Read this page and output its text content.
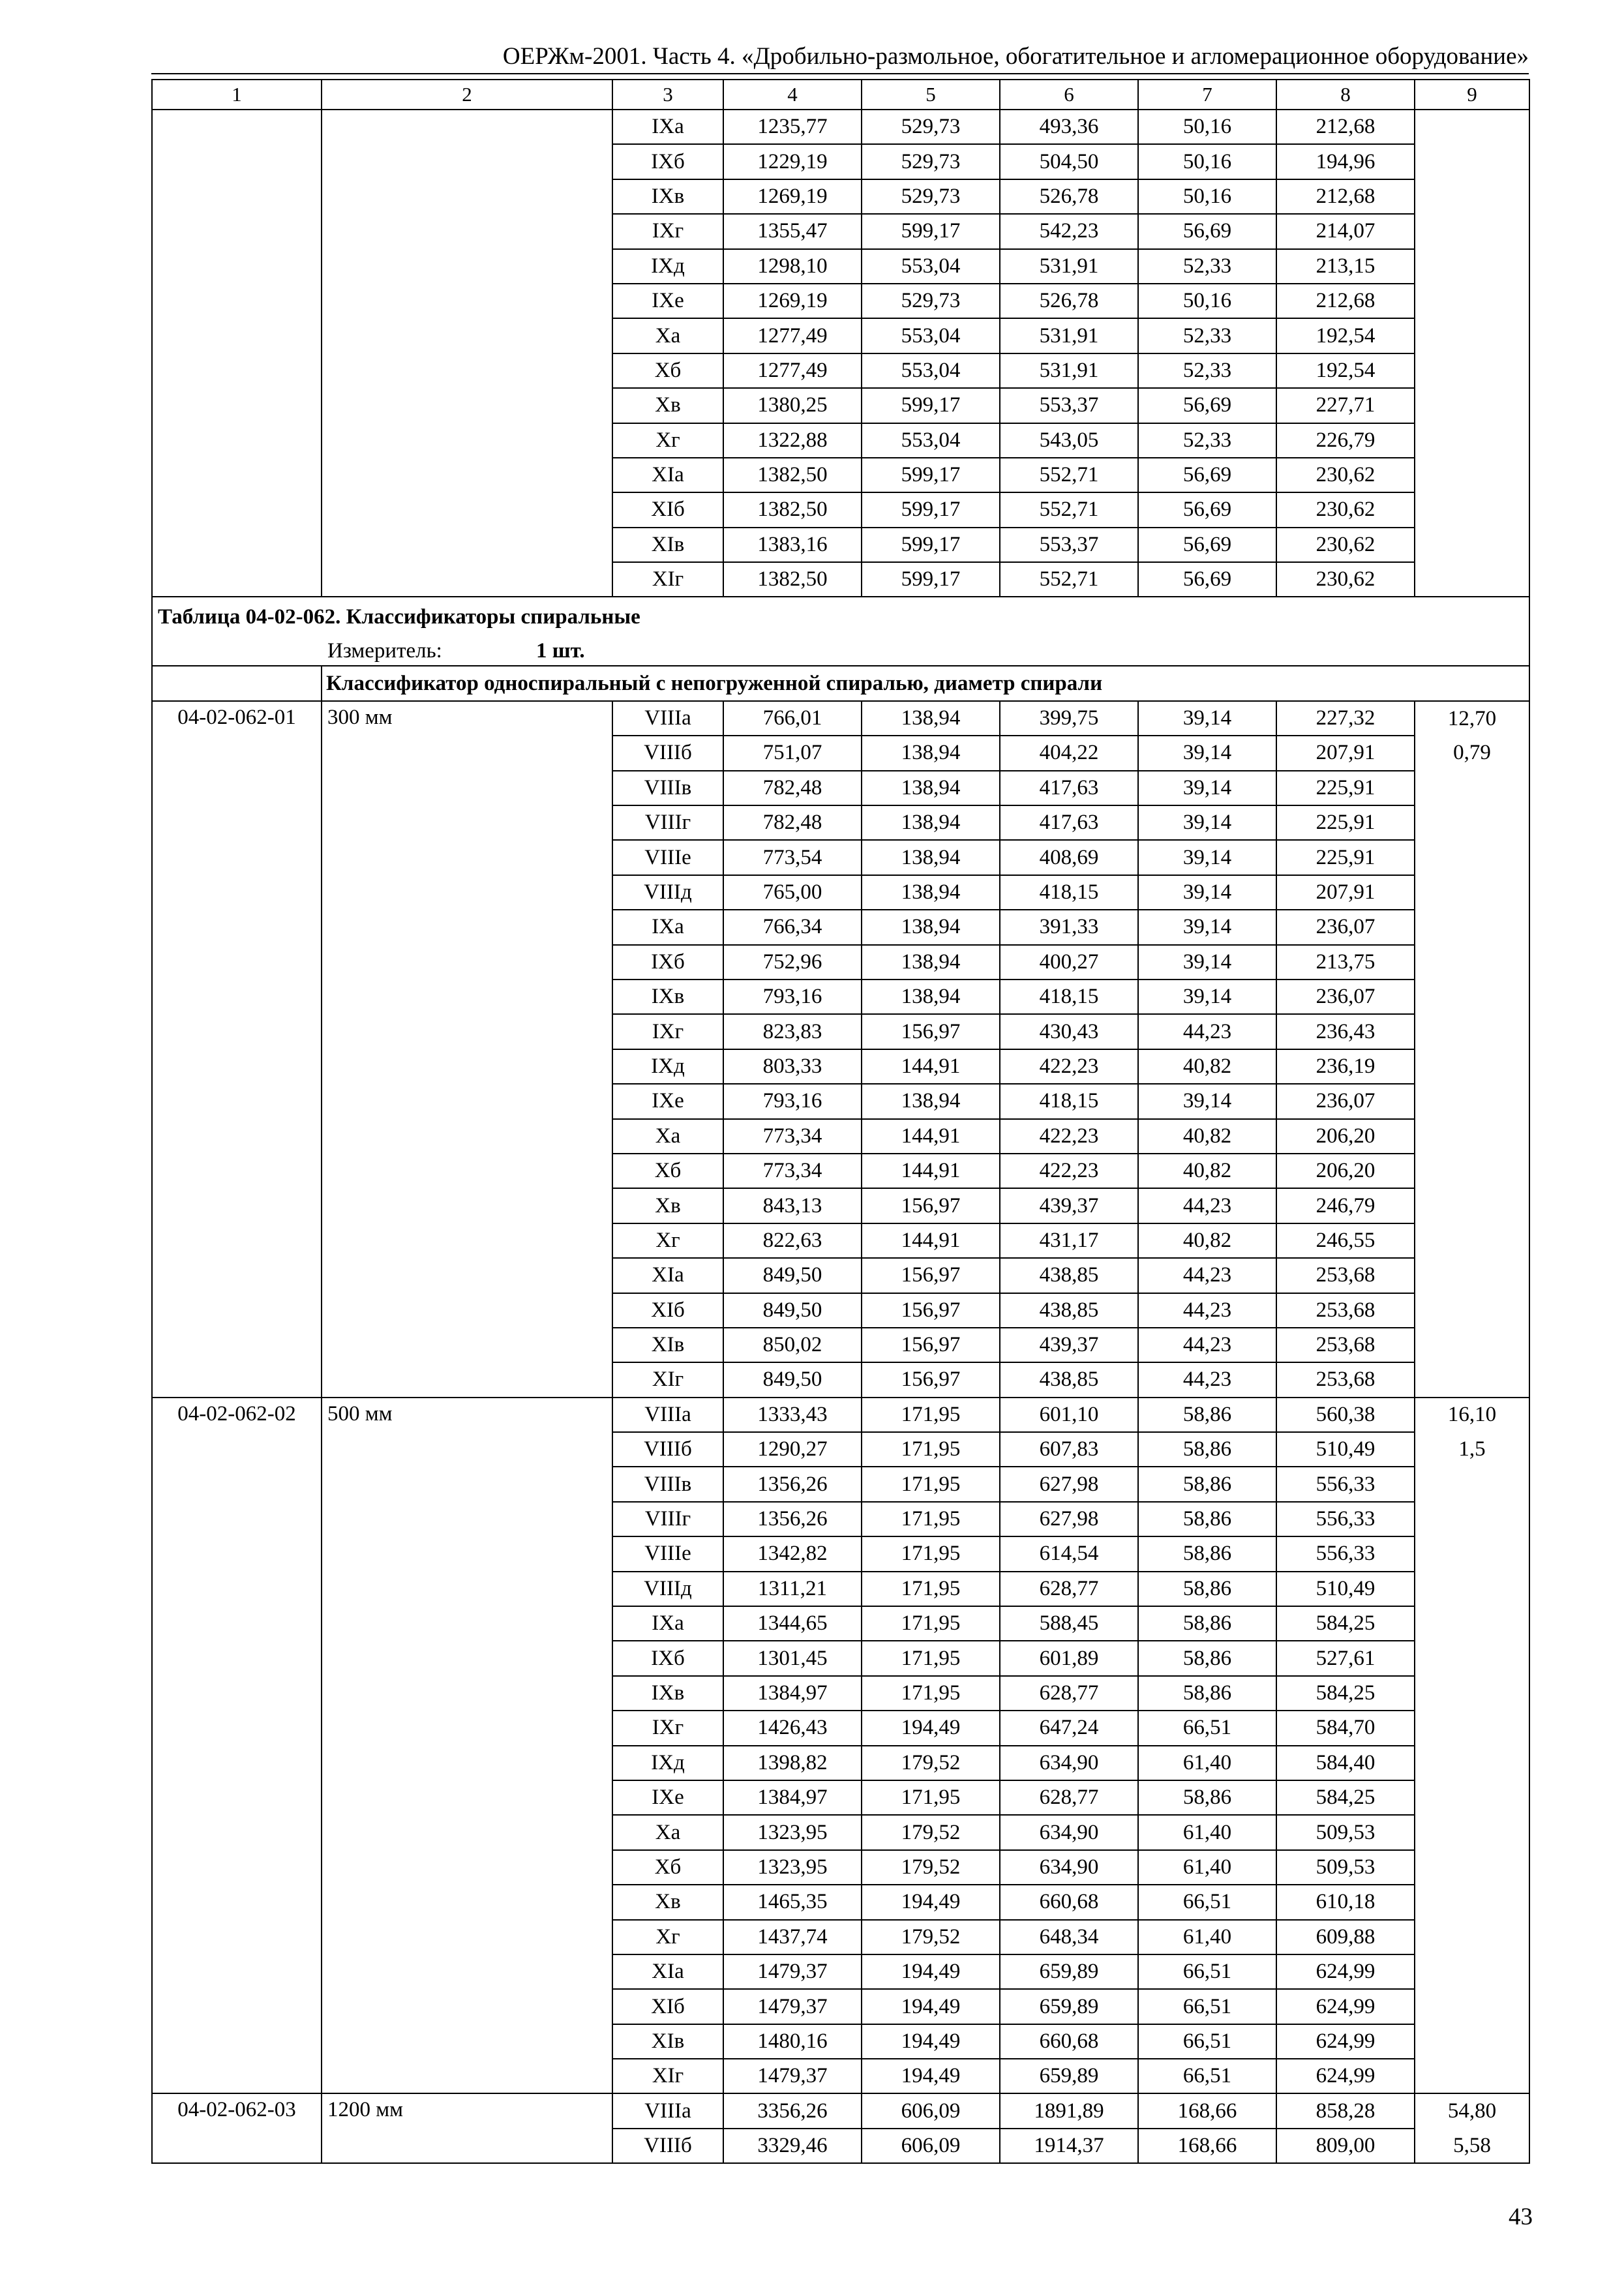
ОЕРЖм-2001. Часть 4. «Дробильно-размольное, обогатительное и агломерационное оборудование»
1	2	3	4	5	6	7	8	9
		IXа	1235,77	529,73	493,36	50,16	212,68	
		IXб	1229,19	529,73	504,50	50,16	194,96	
		IXв	1269,19	529,73	526,78	50,16	212,68	
		IXг	1355,47	599,17	542,23	56,69	214,07	
		IXд	1298,10	553,04	531,91	52,33	213,15	
		IXе	1269,19	529,73	526,78	50,16	212,68	
		Xа	1277,49	553,04	531,91	52,33	192,54	
		Xб	1277,49	553,04	531,91	52,33	192,54	
		Xв	1380,25	599,17	553,37	56,69	227,71	
		Xг	1322,88	553,04	543,05	52,33	226,79	
		XIа	1382,50	599,17	552,71	56,69	230,62	
		XIб	1382,50	599,17	552,71	56,69	230,62	
		XIв	1383,16	599,17	553,37	56,69	230,62	
		XIг	1382,50	599,17	552,71	56,69	230,62	
Таблица 04-02-062. Классификаторы спиральные								
Измеритель: 1 шт.								
	Классификатор односпиральный с непогруженной спиралью, диаметр спирали							
04-02-062-01	300 мм	VIIIа	766,01	138,94	399,75	39,14	227,32	12,70
		VIIIб	751,07	138,94	404,22	39,14	207,91	0,79
		VIIIв	782,48	138,94	417,63	39,14	225,91	
		VIIIг	782,48	138,94	417,63	39,14	225,91	
		VIIIе	773,54	138,94	408,69	39,14	225,91	
		VIIIд	765,00	138,94	418,15	39,14	207,91	
		IXа	766,34	138,94	391,33	39,14	236,07	
		IXб	752,96	138,94	400,27	39,14	213,75	
		IXв	793,16	138,94	418,15	39,14	236,07	
		IXг	823,83	156,97	430,43	44,23	236,43	
		IXд	803,33	144,91	422,23	40,82	236,19	
		IXе	793,16	138,94	418,15	39,14	236,07	
		Xа	773,34	144,91	422,23	40,82	206,20	
		Xб	773,34	144,91	422,23	40,82	206,20	
		Xв	843,13	156,97	439,37	44,23	246,79	
		Xг	822,63	144,91	431,17	40,82	246,55	
		XIа	849,50	156,97	438,85	44,23	253,68	
		XIб	849,50	156,97	438,85	44,23	253,68	
		XIв	850,02	156,97	439,37	44,23	253,68	
		XIг	849,50	156,97	438,85	44,23	253,68	
04-02-062-02	500 мм	VIIIа	1333,43	171,95	601,10	58,86	560,38	16,10
		VIIIб	1290,27	171,95	607,83	58,86	510,49	1,5
		VIIIв	1356,26	171,95	627,98	58,86	556,33	
		VIIIг	1356,26	171,95	627,98	58,86	556,33	
		VIIIе	1342,82	171,95	614,54	58,86	556,33	
		VIIIд	1311,21	171,95	628,77	58,86	510,49	
		IXа	1344,65	171,95	588,45	58,86	584,25	
		IXб	1301,45	171,95	601,89	58,86	527,61	
		IXв	1384,97	171,95	628,77	58,86	584,25	
		IXг	1426,43	194,49	647,24	66,51	584,70	
		IXд	1398,82	179,52	634,90	61,40	584,40	
		IXе	1384,97	171,95	628,77	58,86	584,25	
		Xа	1323,95	179,52	634,90	61,40	509,53	
		Xб	1323,95	179,52	634,90	61,40	509,53	
		Xв	1465,35	194,49	660,68	66,51	610,18	
		Xг	1437,74	179,52	648,34	61,40	609,88	
		XIа	1479,37	194,49	659,89	66,51	624,99	
		XIб	1479,37	194,49	659,89	66,51	624,99	
		XIв	1480,16	194,49	660,68	66,51	624,99	
		XIг	1479,37	194,49	659,89	66,51	624,99	
04-02-062-03	1200 мм	VIIIа	3356,26	606,09	1891,89	168,66	858,28	54,80
		VIIIб	3329,46	606,09	1914,37	168,66	809,00	5,58
43
